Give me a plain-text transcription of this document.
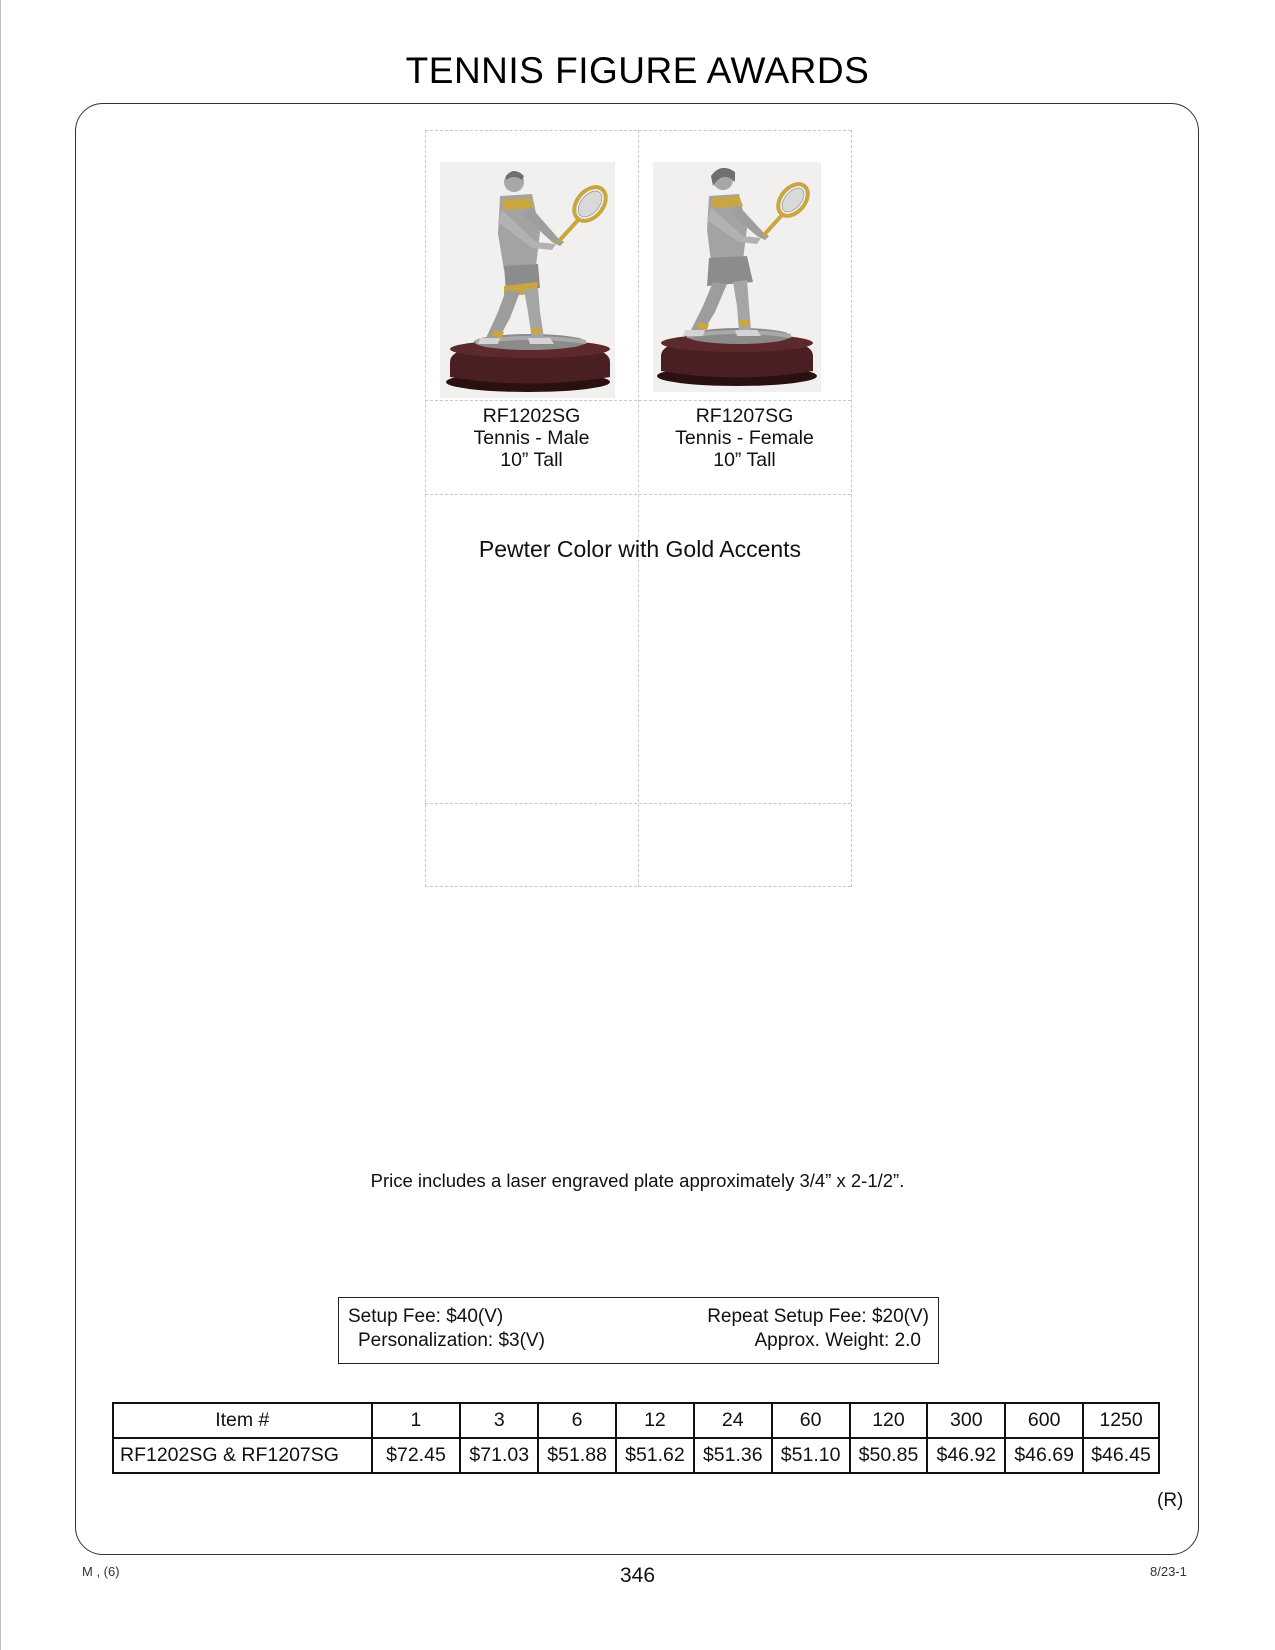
TENNIS FIGURE AWARDS
RF1202SG
Tennis - Male
10” Tall
RF1207SG
Tennis - Female
10” Tall
Pewter Color with Gold Accents
Price includes a laser engraved plate approximately 3/4” x 2-1/2”.
Setup Fee: $40(V)	Repeat Setup Fee: $20(V)
Personalization: $3(V)	Approx. Weight: 2.0
Item #	1	3	6	12	24	60	120	300	600	1250
RF1202SG & RF1207SG	$72.45	$71.03	$51.88	$51.62	$51.36	$51.10	$50.85	$46.92	$46.69	$46.45
(R)
M , (6)	346	8/23-1
